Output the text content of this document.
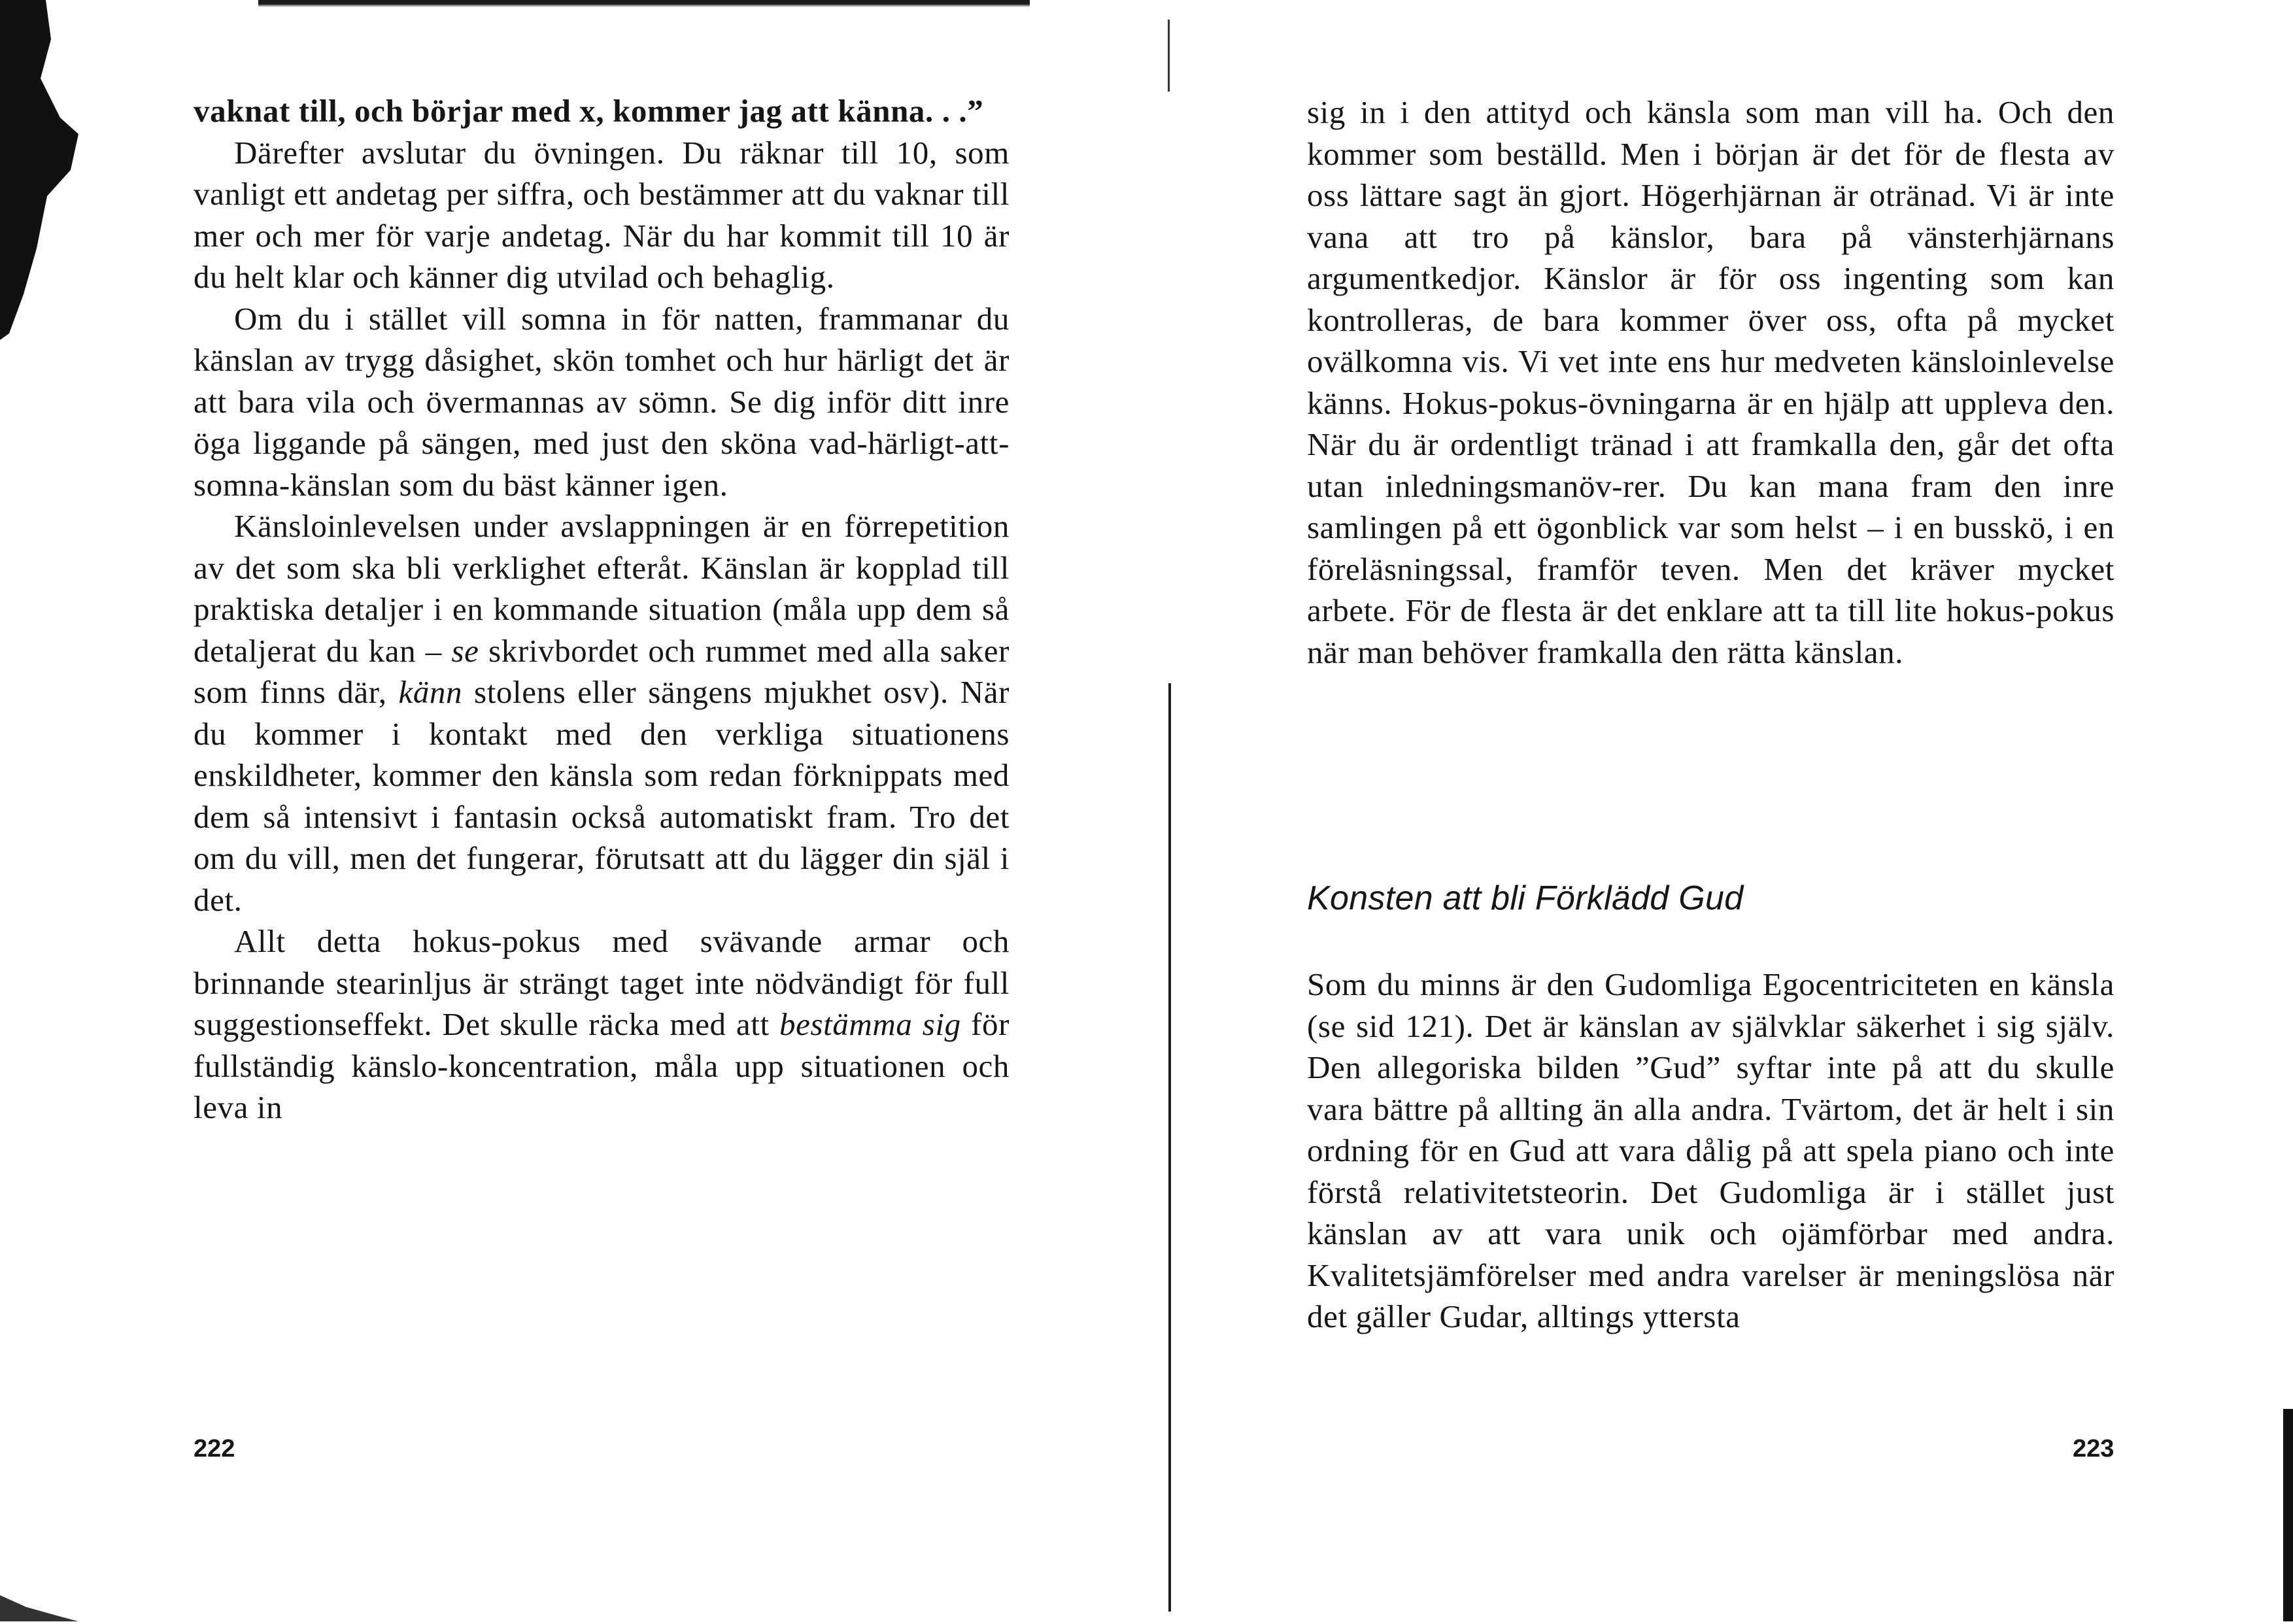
vaknat till, och börjar med x, kommer jag att känna. . .”

Därefter avslutar du övningen. Du räknar till 10, som vanligt ett andetag per siffra, och bestämmer att du vaknar till mer och mer för varje andetag. När du har kommit till 10 är du helt klar och känner dig utvilad och behaglig.

Om du i stället vill somna in för natten, frammanar du känslan av trygg dåsighet, skön tomhet och hur härligt det är att bara vila och övermannas av sömn. Se dig inför ditt inre öga liggande på sängen, med just den sköna vad-härligt-att-somna-känslan som du bäst känner igen.

Känsloinlevelsen under avslappningen är en förrepetition av det som ska bli verklighet efteråt. Känslan är kopplad till praktiska detaljer i en kommande situation (måla upp dem så detaljerat du kan – se skrivbordet och rummet med alla saker som finns där, känn stolens eller sängens mjukhet osv). När du kommer i kontakt med den verkliga situationens enskildheter, kommer den känsla som redan förknippats med dem så intensivt i fantasin också automatiskt fram. Tro det om du vill, men det fungerar, förutsatt att du lägger din själ i det.

Allt detta hokus-pokus med svävande armar och brinnande stearinljus är strängt taget inte nödvändigt för full suggestionseffekt. Det skulle räcka med att bestämma sig för fullständig känslo-koncentration, måla upp situationen och leva in

222

sig in i den attityd och känsla som man vill ha. Och den kommer som beställd. Men i början är det för de flesta av oss lättare sagt än gjort. Högerhjärnan är otränad. Vi är inte vana att tro på känslor, bara på vänsterhjärnans argumentkedjor. Känslor är för oss ingenting som kan kontrolleras, de bara kommer över oss, ofta på mycket ovälkomna vis. Vi vet inte ens hur medveten känsloinlevelse känns. Hokus-pokus-övningarna är en hjälp att uppleva den. När du är ordentligt tränad i att framkalla den, går det ofta utan inledningsmanöv-rer. Du kan mana fram den inre samlingen på ett ögonblick var som helst – i en busskö, i en föreläsningssal, framför teven. Men det kräver mycket arbete. För de flesta är det enklare att ta till lite hokus-pokus när man behöver framkalla den rätta känslan.

Konsten att bli Förklädd Gud

Som du minns är den Gudomliga Egocentriciteten en känsla (se sid 121). Det är känslan av självklar säkerhet i sig själv. Den allegoriska bilden ”Gud” syftar inte på att du skulle vara bättre på allting än alla andra. Tvärtom, det är helt i sin ordning för en Gud att vara dålig på att spela piano och inte förstå relativitetsteorin. Det Gudomliga är i stället just känslan av att vara unik och ojämförbar med andra. Kvalitetsjämförelser med andra varelser är meningslösa när det gäller Gudar, alltings yttersta

223
